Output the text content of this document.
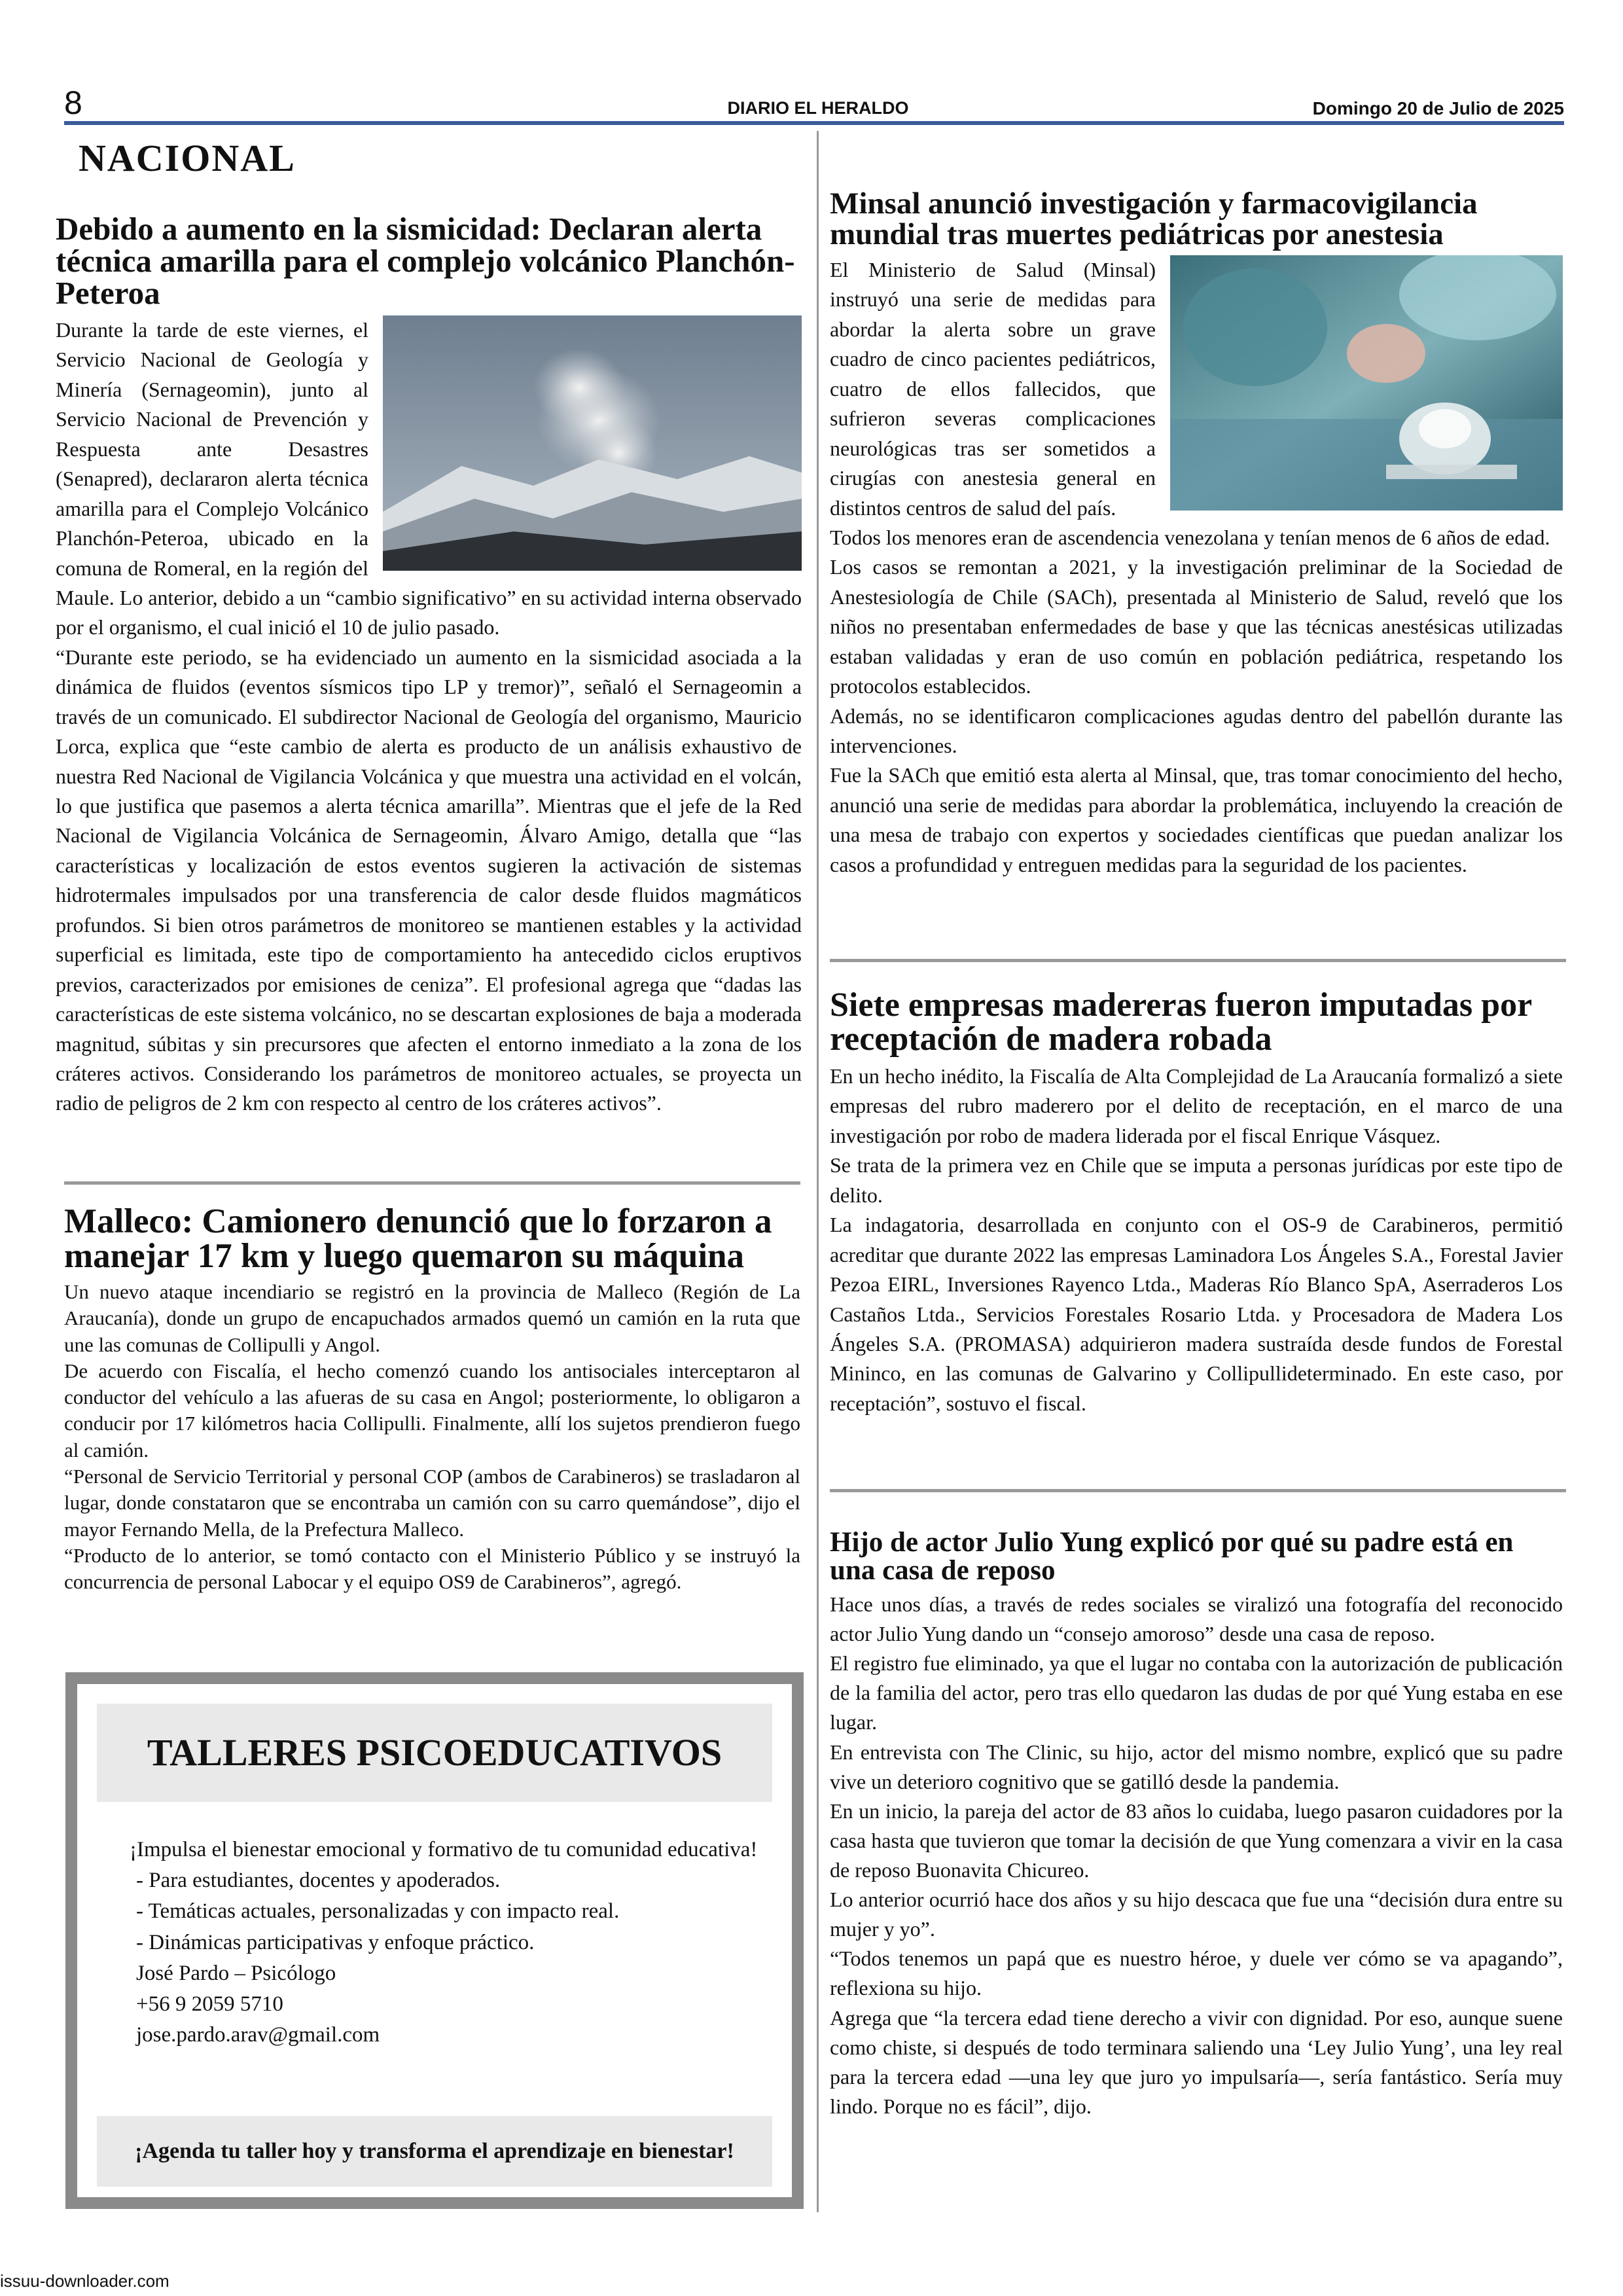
8	DIARIO EL HERALDO	Domingo 20 de Julio de 2025
NACIONAL
Debido a aumento en la sismicidad: Declaran alerta técnica amarilla para el complejo volcánico Planchón-Peteroa

Durante la tarde de este viernes, el Servicio Nacional de Geología y Minería (Sernageomin), junto al Servicio Nacional de Prevención y Respuesta ante Desastres (Senapred), declararon alerta técnica amarilla para el Complejo Volcánico Planchón-Peteroa, ubicado en la comuna de Romeral, en la región del Maule. Lo anterior, debido a un “cambio significativo” en su actividad interna observado por el organismo, el cual inició el 10 de julio pasado.

“Durante este periodo, se ha evidenciado un aumento en la sismicidad asociada a la dinámica de fluidos (eventos sísmicos tipo LP y tremor)”, señaló el Sernageomin a través de un comunicado. El subdirector Nacional de Geología del organismo, Mauricio Lorca, explica que “este cambio de alerta es producto de un análisis exhaustivo de nuestra Red Nacional de Vigilancia Volcánica y que muestra una actividad en el volcán, lo que justifica que pasemos a alerta técnica amarilla”. Mientras que el jefe de la Red Nacional de Vigilancia Volcánica de Sernageomin, Álvaro Amigo, detalla que “las características y localización de estos eventos sugieren la activación de sistemas hidrotermales impulsados por una transferencia de calor desde fluidos magmáticos profundos. Si bien otros parámetros de monitoreo se mantienen estables y la actividad superficial es limitada, este tipo de comportamiento ha antecedido ciclos eruptivos previos, caracterizados por emisiones de ceniza”. El profesional agrega que “dadas las características de este sistema volcánico, no se descartan explosiones de baja a moderada magnitud, súbitas y sin precursores que afecten el entorno inmediato a la zona de los cráteres activos. Considerando los parámetros de monitoreo actuales, se proyecta un radio de peligros de 2 km con respecto al centro de los cráteres activos”.

Malleco: Camionero denunció que lo forzaron a manejar 17 km y luego quemaron su máquina

Un nuevo ataque incendiario se registró en la provincia de Malleco (Región de La Araucanía), donde un grupo de encapuchados armados quemó un camión en la ruta que une las comunas de Collipulli y Angol.

De acuerdo con Fiscalía, el hecho comenzó cuando los antisociales interceptaron al conductor del vehículo a las afueras de su casa en Angol; posteriormente, lo obligaron a conducir por 17 kilómetros hacia Collipulli. Finalmente, allí los sujetos prendieron fuego al camión.

“Personal de Servicio Territorial y personal COP (ambos de Carabineros) se trasladaron al lugar, donde constataron que se encontraba un camión con su carro quemándose”, dijo el mayor Fernando Mella, de la Prefectura Malleco.

“Producto de lo anterior, se tomó contacto con el Ministerio Público y se instruyó la concurrencia de personal Labocar y el equipo OS9 de Carabineros”, agregó.

TALLERES PSICOEDUCATIVOS

¡Impulsa el bienestar emocional y formativo de tu comunidad educativa!

- Para estudiantes, docentes y apoderados.

- Temáticas actuales, personalizadas y con impacto real.

- Dinámicas participativas y enfoque práctico.

José Pardo – Psicólogo

+56 9 2059 5710

jose.pardo.arav@gmail.com

¡Agenda tu taller hoy y transforma el aprendizaje en bienestar!
Minsal anunció investigación y farmacovigilancia mundial tras muertes pediátricas por anestesia

El Ministerio de Salud (Minsal) instruyó una serie de medidas para abordar la alerta sobre un grave cuadro de cinco pacientes pediátricos, cuatro de ellos fallecidos, que sufrieron severas complicaciones neurológicas tras ser sometidos a cirugías con anestesia general en distintos centros de salud del país.

Todos los menores eran de ascendencia venezolana y tenían menos de 6 años de edad.

Los casos se remontan a 2021, y la investigación preliminar de la Sociedad de Anestesiología de Chile (SACh), presentada al Ministerio de Salud, reveló que los niños no presentaban enfermedades de base y que las técnicas anestésicas utilizadas estaban validadas y eran de uso común en población pediátrica, respetando los protocolos establecidos.

Además, no se identificaron complicaciones agudas dentro del pabellón durante las intervenciones.

Fue la SACh que emitió esta alerta al Minsal, que, tras tomar conocimiento del hecho, anunció una serie de medidas para abordar la problemática, incluyendo la creación de una mesa de trabajo con expertos y sociedades científicas que puedan analizar los casos a profundidad y entreguen medidas para la seguridad de los pacientes.

Siete empresas madereras fueron imputadas por receptación de madera robada

En un hecho inédito, la Fiscalía de Alta Complejidad de La Araucanía formalizó a siete empresas del rubro maderero por el delito de receptación, en el marco de una investigación por robo de madera liderada por el fiscal Enrique Vásquez.

Se trata de la primera vez en Chile que se imputa a personas jurídicas por este tipo de delito.

La indagatoria, desarrollada en conjunto con el OS-9 de Carabineros, permitió acreditar que durante 2022 las empresas Laminadora Los Ángeles S.A., Forestal Javier Pezoa EIRL, Inversiones Rayenco Ltda., Maderas Río Blanco SpA, Aserraderos Los Castaños Ltda., Servicios Forestales Rosario Ltda. y Procesadora de Madera Los Ángeles S.A. (PROMASA) adquirieron madera sustraída desde fundos de Forestal Mininco, en las comunas de Galvarino y Collipullideterminado. En este caso, por receptación”, sostuvo el fiscal.

Hijo de actor Julio Yung explicó por qué su padre está en una casa de reposo

Hace unos días, a través de redes sociales se viralizó una fotografía del reconocido actor Julio Yung dando un “consejo amoroso” desde una casa de reposo.

El registro fue eliminado, ya que el lugar no contaba con la autorización de publicación de la familia del actor, pero tras ello quedaron las dudas de por qué Yung estaba en ese lugar.

En entrevista con The Clinic, su hijo, actor del mismo nombre, explicó que su padre vive un deterioro cognitivo que se gatilló desde la pandemia.

En un inicio, la pareja del actor de 83 años lo cuidaba, luego pasaron cuidadores por la casa hasta que tuvieron que tomar la decisión de que Yung comenzara a vivir en la casa de reposo Buonavita Chicureo.

Lo anterior ocurrió hace dos años y su hijo descaca que fue una “decisión dura entre su mujer y yo”.

“Todos tenemos un papá que es nuestro héroe, y duele ver cómo se va apagando”, reflexiona su hijo.

Agrega que “la tercera edad tiene derecho a vivir con dignidad. Por eso, aunque suene como chiste, si después de todo terminara saliendo una ‘Ley Julio Yung’, una ley real para la tercera edad —una ley que juro yo impulsaría—, sería fantástico. Sería muy lindo. Porque no es fácil”, dijo.

issuu-downloader.com
